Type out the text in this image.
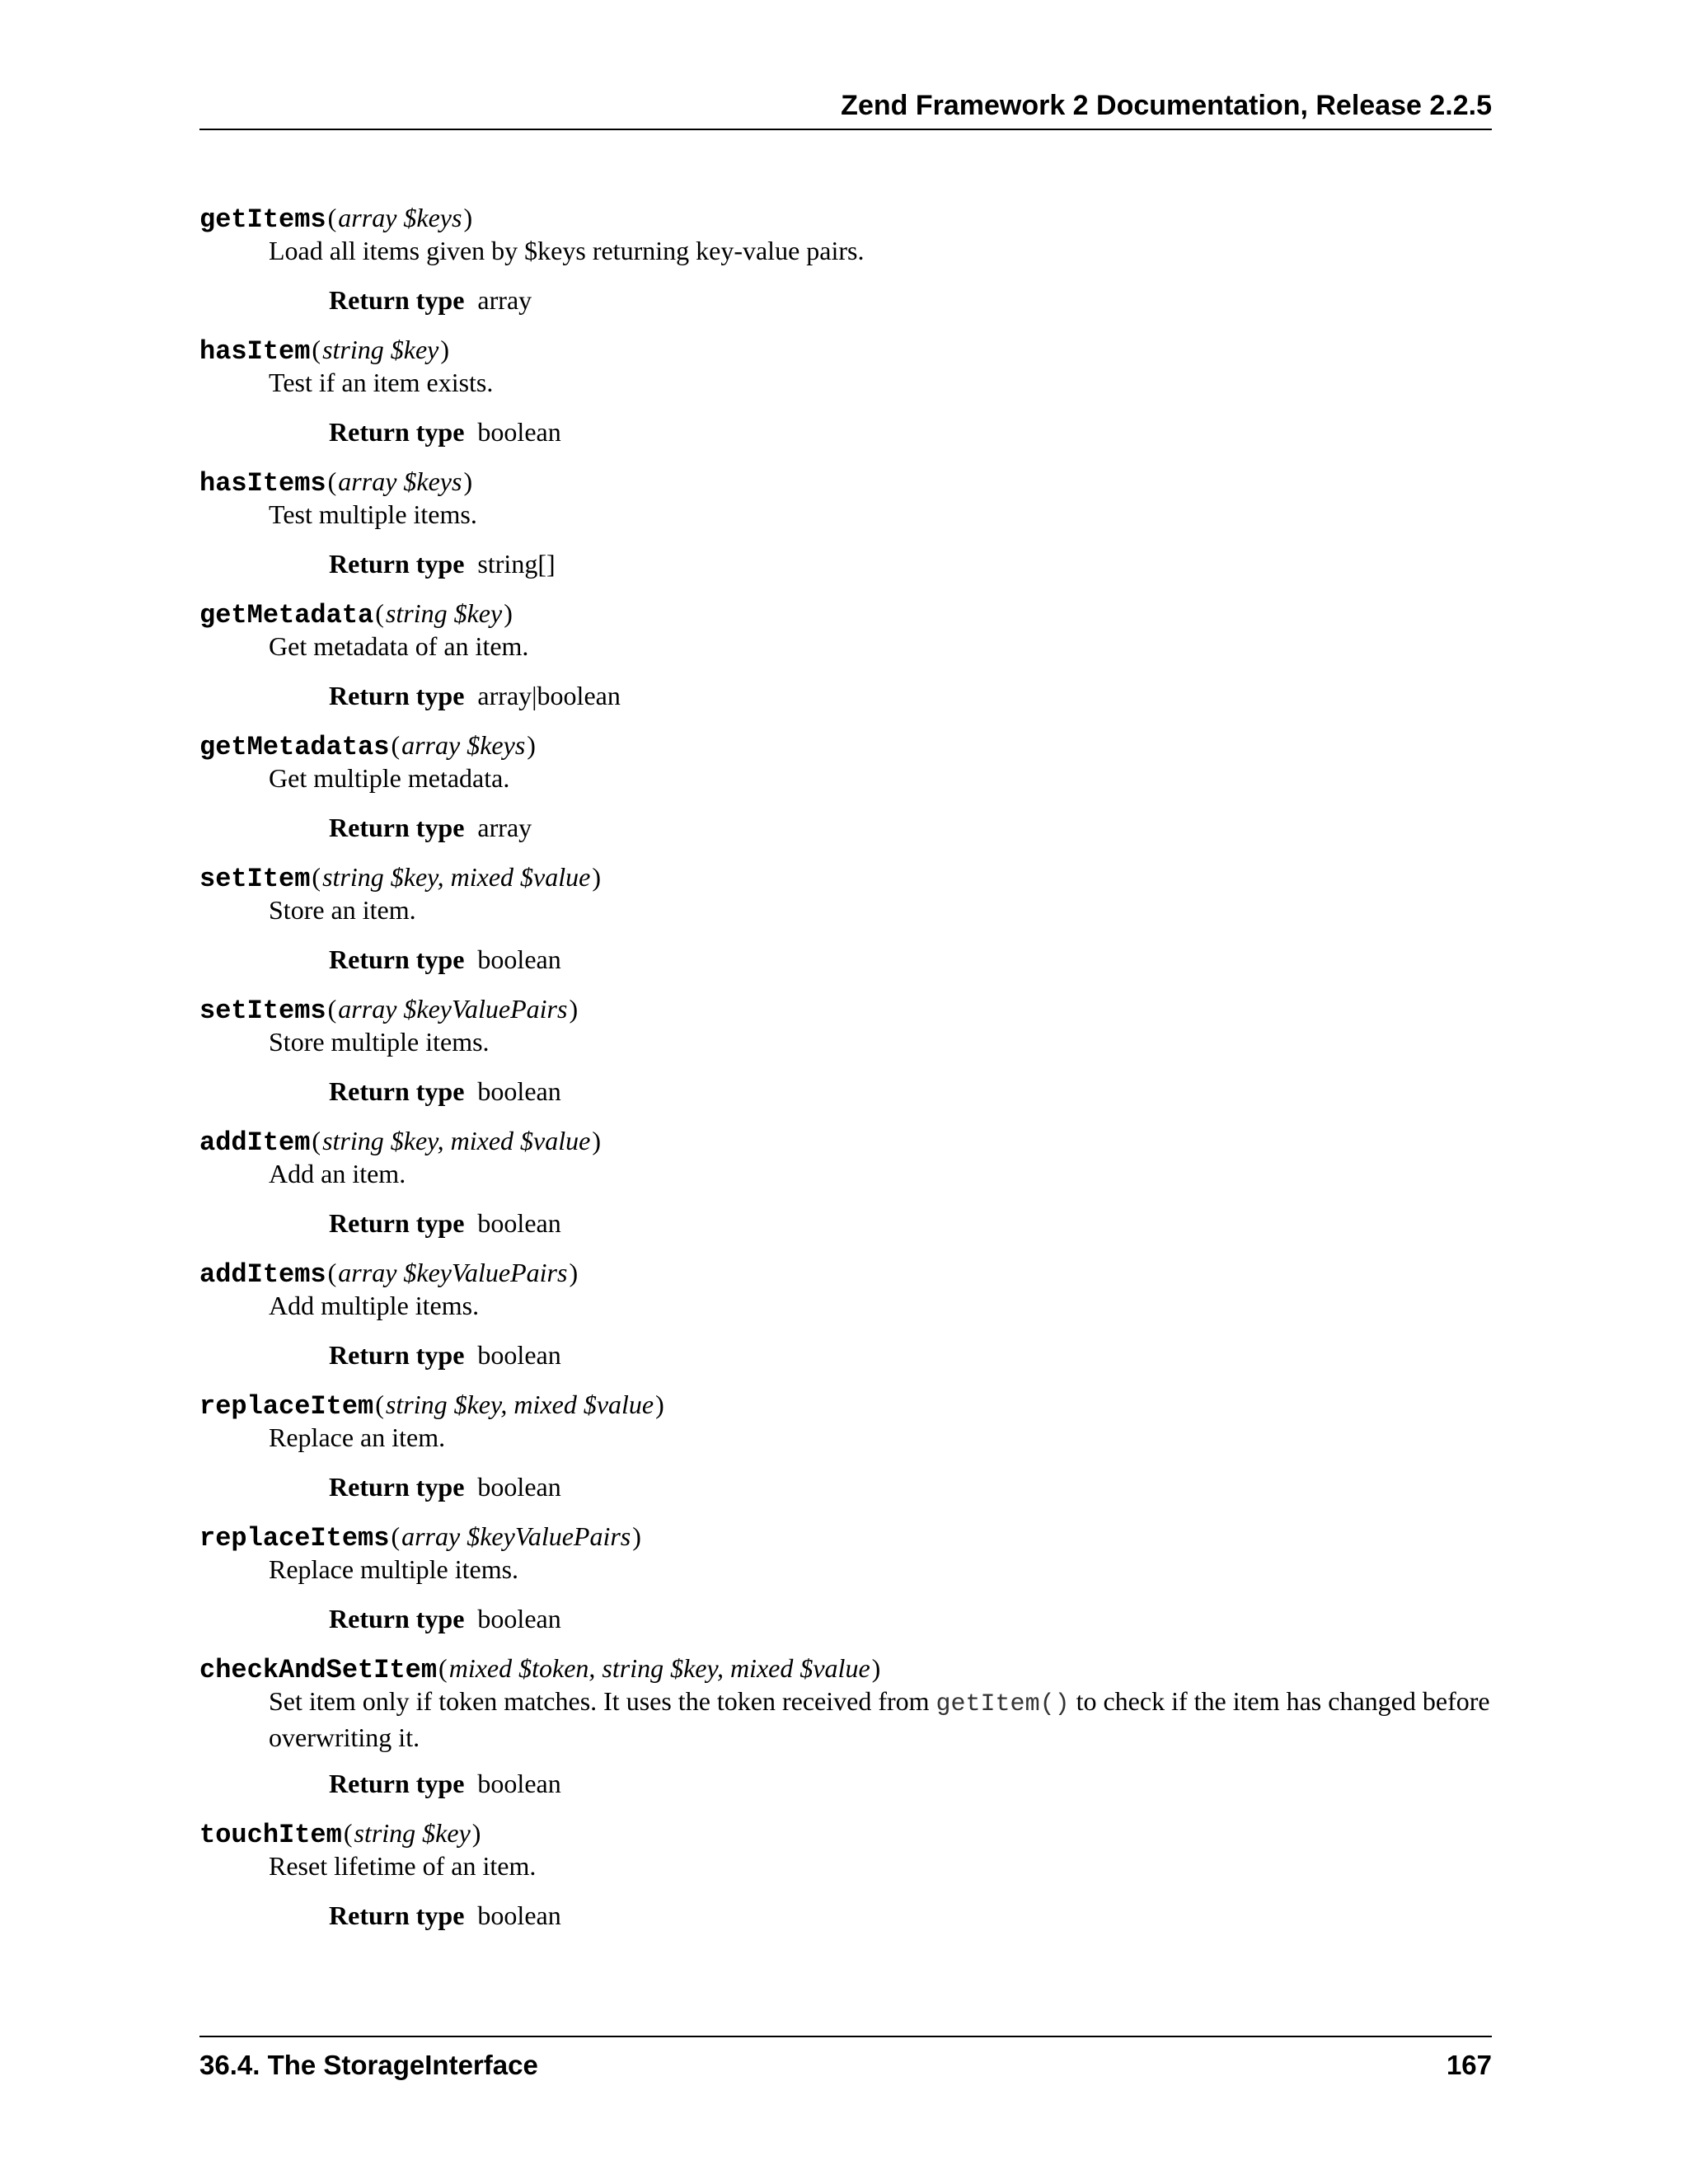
Zend Framework 2 Documentation, Release 2.2.5
getItems(array $keys)
Load all items given by $keys returning key-value pairs.
Return type array
hasItem(string $key)
Test if an item exists.
Return type boolean
hasItems(array $keys)
Test multiple items.
Return type string[]
getMetadata(string $key)
Get metadata of an item.
Return type array|boolean
getMetadatas(array $keys)
Get multiple metadata.
Return type array
setItem(string $key, mixed $value)
Store an item.
Return type boolean
setItems(array $keyValuePairs)
Store multiple items.
Return type boolean
addItem(string $key, mixed $value)
Add an item.
Return type boolean
addItems(array $keyValuePairs)
Add multiple items.
Return type boolean
replaceItem(string $key, mixed $value)
Replace an item.
Return type boolean
replaceItems(array $keyValuePairs)
Replace multiple items.
Return type boolean
checkAndSetItem(mixed $token, string $key, mixed $value)
Set item only if token matches. It uses the token received from getItem() to check if the item has changed before overwriting it.
Return type boolean
touchItem(string $key)
Reset lifetime of an item.
Return type boolean
36.4. The StorageInterface	167
